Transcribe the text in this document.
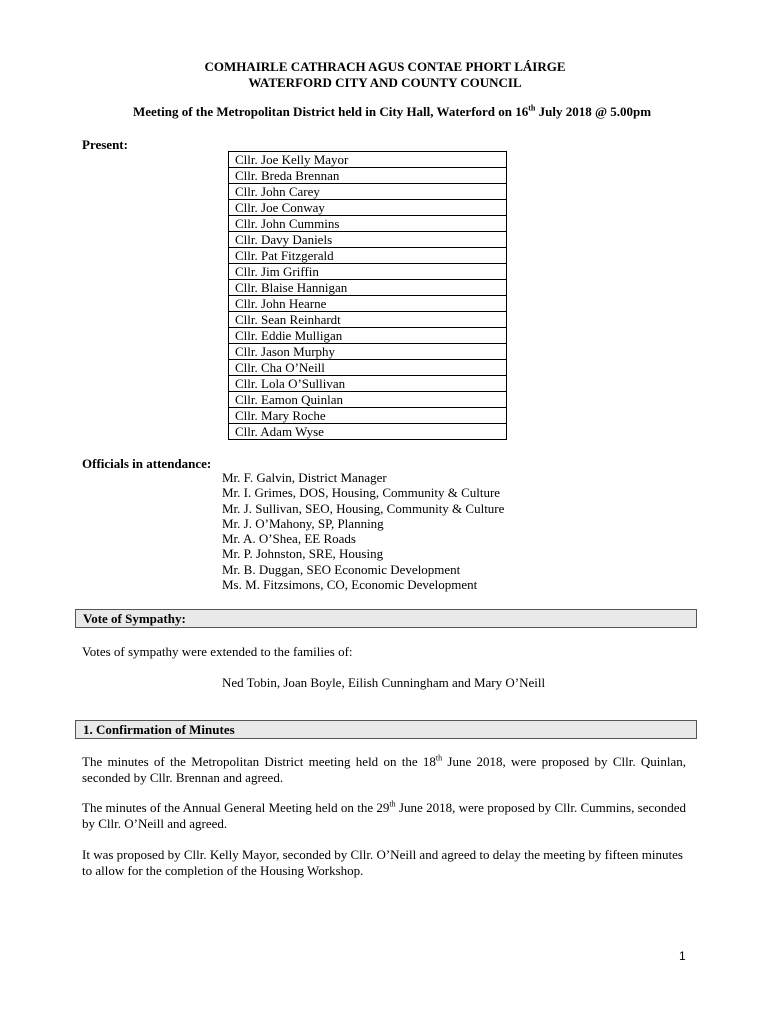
COMHAIRLE CATHRACH AGUS CONTAE PHORT LÁIRGE
WATERFORD CITY AND COUNTY COUNCIL
Meeting of the Metropolitan District held in City Hall, Waterford on 16th July 2018 @ 5.00pm
Present:
Cllr. Joe Kelly Mayor
Cllr. Breda Brennan
Cllr. John Carey
Cllr. Joe Conway
Cllr. John Cummins
Cllr. Davy Daniels
Cllr. Pat Fitzgerald
Cllr. Jim Griffin
Cllr. Blaise Hannigan
Cllr. John Hearne
Cllr. Sean Reinhardt
Cllr. Eddie Mulligan
Cllr. Jason Murphy
Cllr. Cha O’Neill
Cllr. Lola O’Sullivan
Cllr. Eamon Quinlan
Cllr. Mary Roche
Cllr. Adam Wyse
Officials in attendance:
Mr. F. Galvin, District Manager
Mr. I. Grimes, DOS, Housing, Community & Culture
Mr. J. Sullivan, SEO, Housing, Community & Culture
Mr. J. O’Mahony, SP, Planning
Mr. A. O’Shea, EE Roads
Mr. P. Johnston, SRE, Housing
Mr. B. Duggan, SEO Economic Development
Ms. M. Fitzsimons, CO, Economic Development
Vote of Sympathy:
Votes of sympathy were extended to the families of:
Ned Tobin, Joan Boyle, Eilish Cunningham and Mary O’Neill
1. Confirmation of Minutes
The minutes of the Metropolitan District meeting held on the 18th June 2018, were proposed by Cllr. Quinlan, seconded by Cllr. Brennan and agreed.
The minutes of the Annual General Meeting held on the 29th June 2018, were proposed by Cllr. Cummins, seconded by Cllr. O’Neill and agreed.
It was proposed by Cllr. Kelly Mayor, seconded by Cllr. O’Neill and agreed to delay the meeting by fifteen minutes to allow for the completion of the Housing Workshop.
1
